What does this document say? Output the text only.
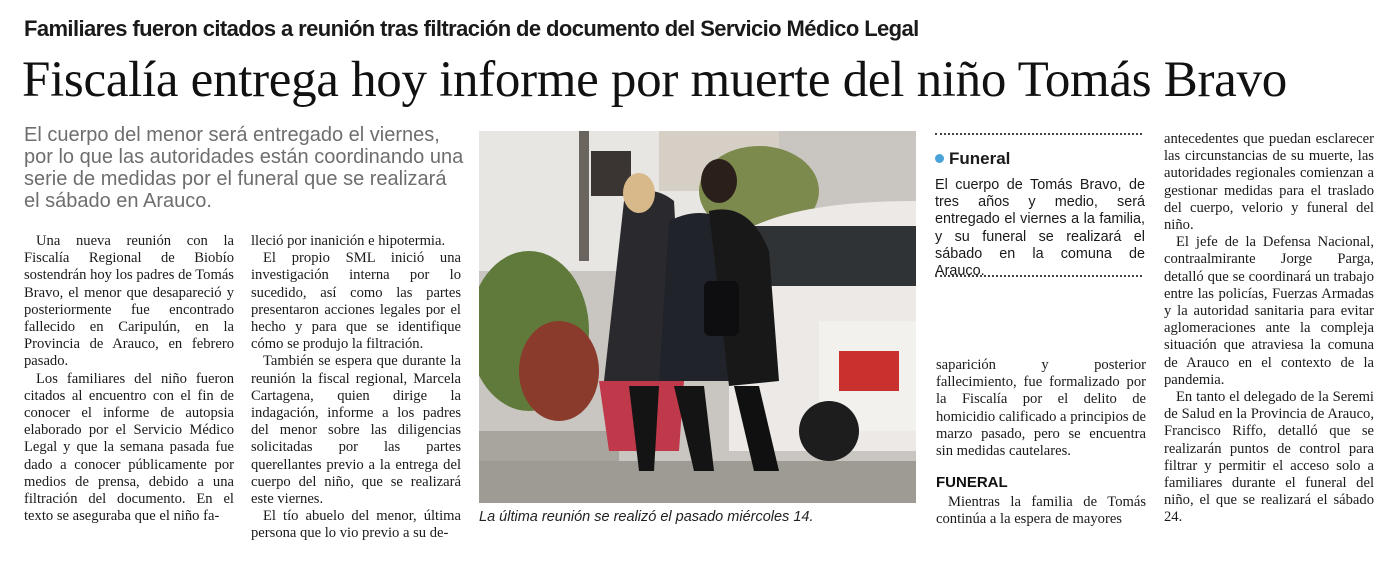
Familiares fueron citados a reunión tras filtración de documento del Servicio Médico Legal
Fiscalía entrega hoy informe por muerte del niño Tomás Bravo
El cuerpo del menor será entregado el viernes, por lo que las autoridades están coordinando una serie de medidas por el funeral que se realizará el sábado en Arauco.

Una nueva reunión con la Fiscalía Regional de Biobío sostendrán hoy los padres de Tomás Bravo, el menor que desapareció y posteriormente fue encontrado fallecido en Caripulún, en la Provincia de Arauco, en febrero pasado.

Los familiares del niño fueron citados al encuentro con el fin de conocer el informe de autopsia elaborado por el Servicio Médico Legal y que la semana pasada fue dado a conocer públicamente por medios de prensa, debido a una filtración del documento. En el texto se aseguraba que el niño fa-

lleció por inanición e hipotermia.

El propio SML inició una investigación interna por lo sucedido, así como las partes presentaron acciones legales por el hecho y para que se identifique cómo se produjo la filtración.

También se espera que durante la reunión la fiscal regional, Marcela Cartagena, quien dirige la indagación, informe a los padres del menor sobre las diligencias solicitadas por las partes querellantes previo a la entrega del cuerpo del niño, que se realizará este viernes.

El tío abuelo del menor, última persona que lo vio previo a su de-

La última reunión se realizó el pasado miércoles 14.
Funeral
El cuerpo de Tomás Bravo, de tres años y medio, será entregado el viernes a la familia, y su funeral se realizará el sábado en la comuna de Arauco.

saparición y posterior fallecimiento, fue formalizado por la Fiscalía por el delito de homicidio calificado a principios de marzo pasado, pero se encuentra sin medidas cautelares.

FUNERAL

Mientras la familia de Tomás continúa a la espera de mayores

antecedentes que puedan esclarecer las circunstancias de su muerte, las autoridades regionales comienzan a gestionar medidas para el traslado del cuerpo, velorio y funeral del niño.

El jefe de la Defensa Nacional, contraalmirante Jorge Parga, detalló que se coordinará un trabajo entre las policías, Fuerzas Armadas y la autoridad sanitaria para evitar aglomeraciones ante la compleja situación que atraviesa la comuna de Arauco en el contexto de la pandemia.

En tanto el delegado de la Seremi de Salud en la Provincia de Arauco, Francisco Riffo, detalló que se realizarán puntos de control para filtrar y permitir el acceso solo a familiares durante el funeral del niño, el que se realizará el sábado 24.
